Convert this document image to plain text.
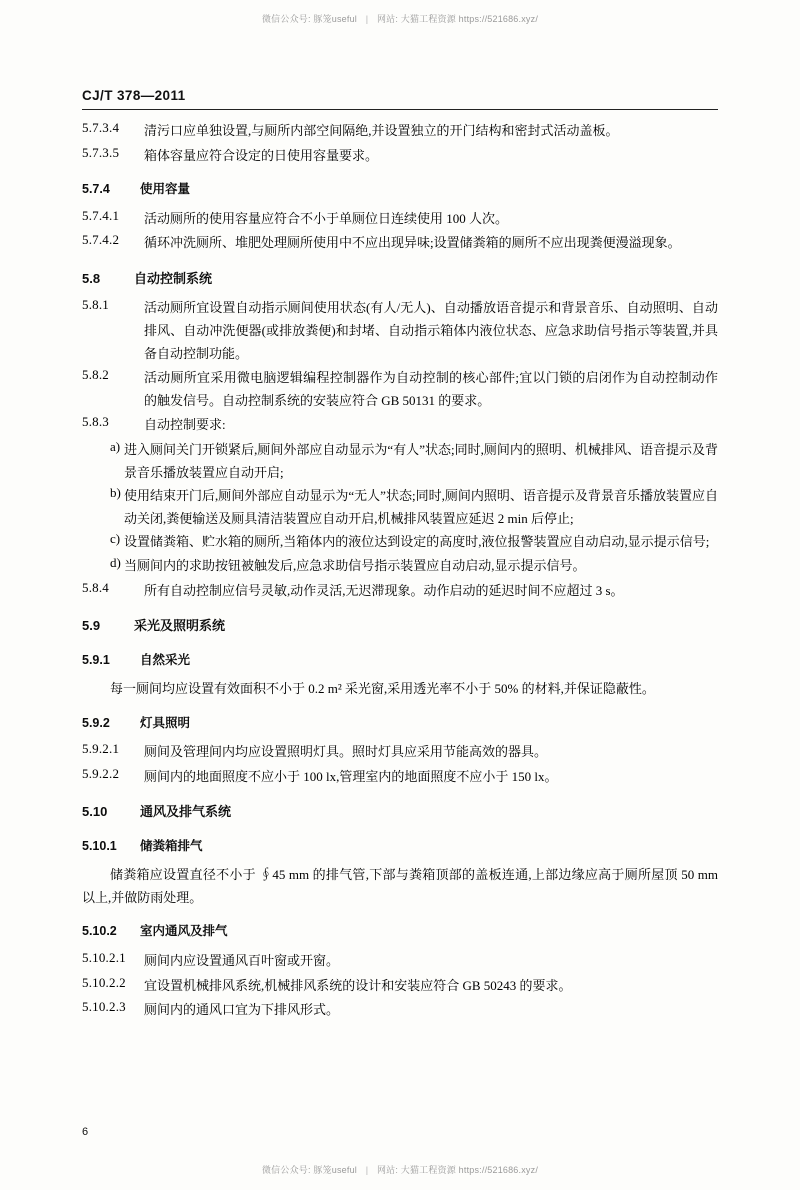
微信公众号: 豚笼useful | 网站: 大猫工程资源 https://521686.xyz/
CJ/T 378—2011
5.7.3.4	清污口应单独设置,与厕所内部空间隔绝,并设置独立的开门结构和密封式活动盖板。
5.7.3.5	箱体容量应符合设定的日使用容量要求。
5.7.4 使用容量
5.7.4.1	活动厕所的使用容量应符合不小于单厕位日连续使用 100 人次。
5.7.4.2	循环冲洗厕所、堆肥处理厕所使用中不应出现异味;设置储粪箱的厕所不应出现粪便漫溢现象。
5.8	自动控制系统
5.8.1	活动厕所宜设置自动指示厕间使用状态(有人/无人)、自动播放语音提示和背景音乐、自动照明、自动排风、自动冲洗便器(或排放粪便)和封堵、自动指示箱体内液位状态、应急求助信号指示等装置,并具备自动控制功能。
5.8.2	活动厕所宜采用微电脑逻辑编程控制器作为自动控制的核心部件;宜以门锁的启闭作为自动控制动作的触发信号。自动控制系统的安装应符合 GB 50131 的要求。
5.8.3	自动控制要求:
a) 进入厕间关门开锁紧后,厕间外部应自动显示为“有人”状态;同时,厕间内的照明、机械排风、语音提示及背景音乐播放装置应自动开启;
b) 使用结束开门后,厕间外部应自动显示为“无人”状态;同时,厕间内照明、语音提示及背景音乐播放装置应自动关闭,粪便输送及厕具清洁装置应自动开启,机械排风装置应延迟 2 min 后停止;
c) 设置储粪箱、贮水箱的厕所,当箱体内的液位达到设定的高度时,液位报警装置应自动启动,显示提示信号;
d) 当厕间内的求助按钮被触发后,应急求助信号指示装置应自动启动,显示提示信号。
5.8.4	所有自动控制应信号灵敏,动作灵活,无迟滞现象。动作启动的延迟时间不应超过 3 s。
5.9	采光及照明系统
5.9.1 自然采光
每一厕间均应设置有效面积不小于 0.2 m² 采光窗,采用透光率不小于 50% 的材料,并保证隐蔽性。
5.9.2 灯具照明
5.9.2.1	厕间及管理间内均应设置照明灯具。照时灯具应采用节能高效的器具。
5.9.2.2	厕间内的地面照度不应小于 100 lx,管理室内的地面照度不应小于 150 lx。
5.10	通风及排气系统
5.10.1 储粪箱排气
储粪箱应设置直径不小于 ∮45 mm 的排气管,下部与粪箱顶部的盖板连通,上部边缘应高于厕所屋顶 50 mm 以上,并做防雨处理。
5.10.2 室内通风及排气
5.10.2.1	厕间内应设置通风百叶窗或开窗。
5.10.2.2	宜设置机械排风系统,机械排风系统的设计和安装应符合 GB 50243 的要求。
5.10.2.3	厕间内的通风口宜为下排风形式。
6
微信公众号: 豚笼useful | 网站: 大猫工程资源 https://521686.xyz/
